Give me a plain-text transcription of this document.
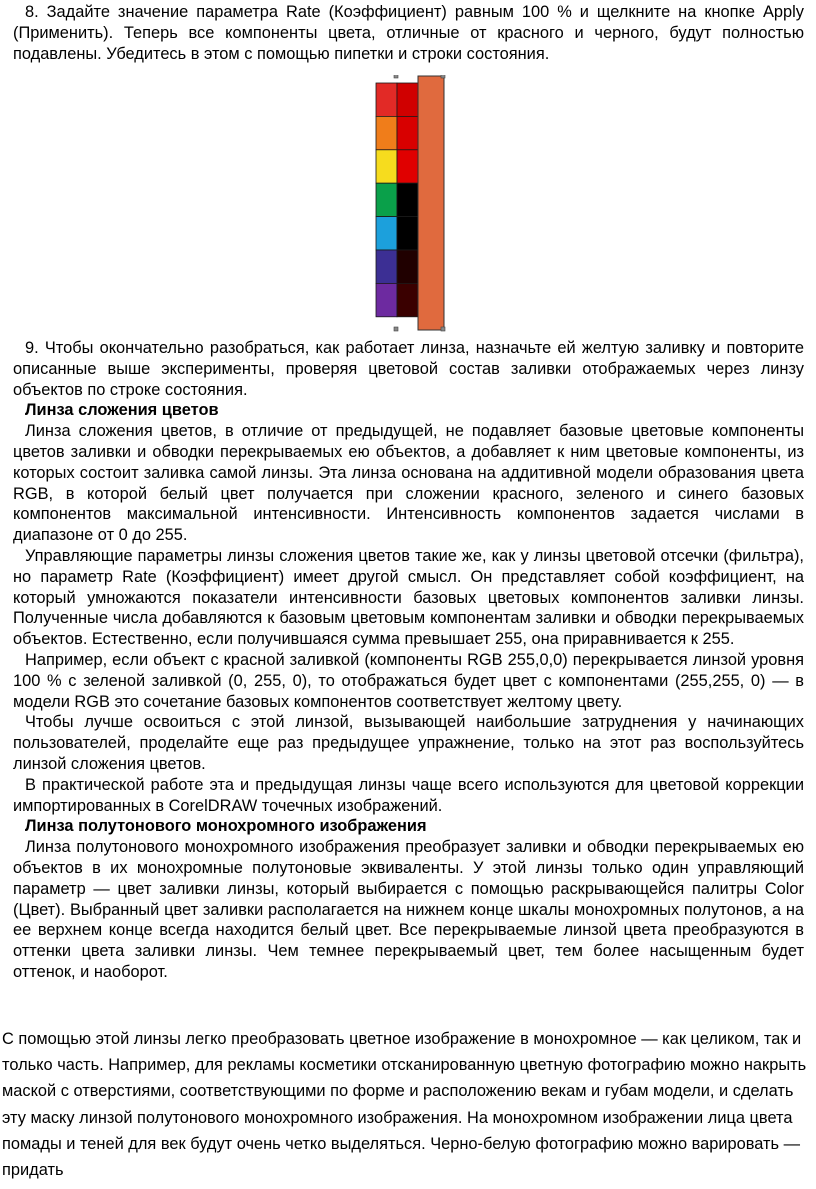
8. Задайте значение параметра Rate (Коэффициент) равным 100 % и щелкните на кнопке Apply (Применить). Теперь все компоненты цвета, отличные от красного и черного, будут полностью подавлены. Убедитесь в этом с помощью пипетки и строки состояния.

9. Чтобы окончательно разобраться, как работает линза, назначьте ей желтую заливку и повторите описанные выше эксперименты, проверяя цветовой состав заливки отображаемых через линзу объектов по строке состояния.

Линза сложения цветов

Линза сложения цветов, в отличие от предыдущей, не подавляет базовые цветовые компоненты цветов заливки и обводки перекрываемых ею объектов, а добавляет к ним цветовые компоненты, из которых состоит заливка самой линзы. Эта линза основана на аддитивной модели образования цвета RGB, в которой белый цвет получается при сложении красного, зеленого и синего базовых компонентов максимальной интенсивности. Интенсивность компонентов задается числами в диапазоне от 0 до 255.

Управляющие параметры линзы сложения цветов такие же, как у линзы цветовой отсечки (фильтра), но параметр Rate (Коэффициент) имеет другой смысл. Он представляет собой коэффициент, на который умножаются показатели интенсивности базовых цветовых компонентов заливки линзы. Полученные числа добавляются к базовым цветовым компонентам заливки и обводки перекрываемых объектов. Естественно, если получившаяся сумма превышает 255, она приравнивается к 255.

Например, если объект с красной заливкой (компоненты RGB 255,0,0) перекрывается линзой уровня 100 % с зеленой заливкой (0, 255, 0), то отображаться будет цвет с компонентами (255,255, 0) — в модели RGB это сочетание базовых компонентов соответствует желтому цвету.

Чтобы лучше освоиться с этой линзой, вызывающей наибольшие затруднения у начинающих пользователей, проделайте еще раз предыдущее упражнение, только на этот раз воспользуйтесь линзой сложения цветов.

В практической работе эта и предыдущая линзы чаще всего используются для цветовой коррекции импортированных в CorelDRAW точечных изображений.

Линза полутонового монохромного изображения

Линза полутонового монохромного изображения преобразует заливки и обводки перекрываемых ею объектов в их монохромные полутоновые эквиваленты. У этой линзы только один управляющий параметр — цвет заливки линзы, который выбирается с помощью раскрывающейся палитры Color (Цвет). Выбранный цвет заливки располагается на нижнем конце шкалы монохромных полутонов, а на ее верхнем конце всегда находится белый цвет. Все перекрываемые линзой цвета преобразуются в оттенки цвета заливки линзы. Чем темнее перекрываемый цвет, тем более насыщенным будет оттенок, и наоборот.

С помощью этой линзы легко преобразовать цветное изображение в монохромное — как целиком, так и только часть. Например, для рекламы косметики отсканированную цветную фотографию можно накрыть маской с отверстиями, соответствующими по форме и расположению векам и губам модели, и сделать эту маску линзой полутонового монохромного изображения. На монохромном изображении лица цвета помады и теней для век будут очень четко выделяться. Черно-белую фотографию можно варировать — придать
